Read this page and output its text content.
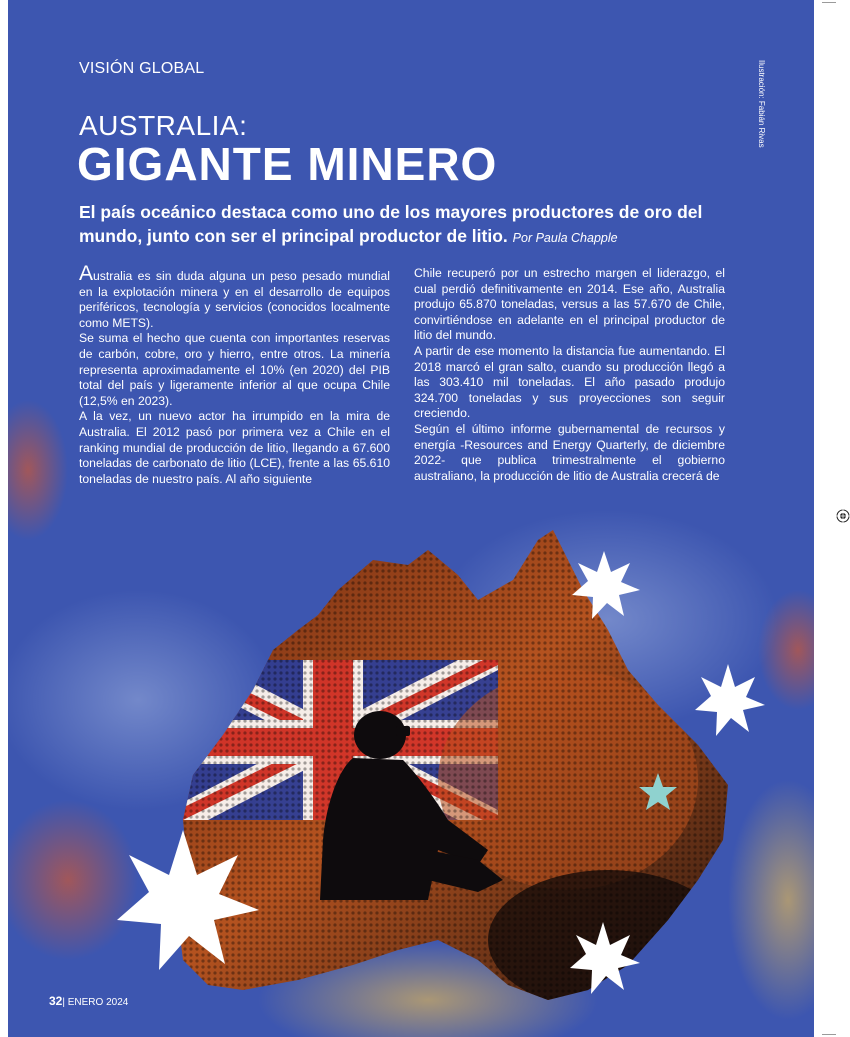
VISIÓN GLOBAL	Ilustración: Fabián Rivas
AUSTRALIA:
GIGANTE MINERO
El país oceánico destaca como uno de los mayores productores de oro del mundo, junto con ser el principal productor de litio. Por Paula Chapple

Australia es sin duda alguna un peso pesado mundial en la explotación minera y en el desarrollo de equipos periféricos, tecnología y servicios (conocidos localmente como METS).

Se suma el hecho que cuenta con importantes reservas de carbón, cobre, oro y hierro, entre otros. La minería representa aproximadamente el 10% (en 2020) del PIB total del país y ligeramente inferior al que ocupa Chile (12,5% en 2023).

A la vez, un nuevo actor ha irrumpido en la mira de Australia. El 2012 pasó por primera vez a Chile en el ranking mundial de producción de litio, llegando a 67.600 toneladas de carbonato de litio (LCE), frente a las 65.610 toneladas de nuestro país. Al año siguiente

Chile recuperó por un estrecho margen el liderazgo, el cual perdió definitivamente en 2014. Ese año, Australia produjo 65.870 toneladas, versus a las 57.670 de Chile, convirtiéndose en adelante en el principal productor de litio del mundo.

A partir de ese momento la distancia fue aumentando. El 2018 marcó el gran salto, cuando su producción llegó a las 303.410 mil toneladas. El año pasado produjo 324.700 toneladas y sus proyecciones son seguir creciendo.

Según el último informe gubernamental de recursos y energía -Resources and Energy Quarterly, de diciembre 2022- que publica trimestralmente el gobierno australiano, la producción de litio de Australia crecerá de

32| ENERO 2024
